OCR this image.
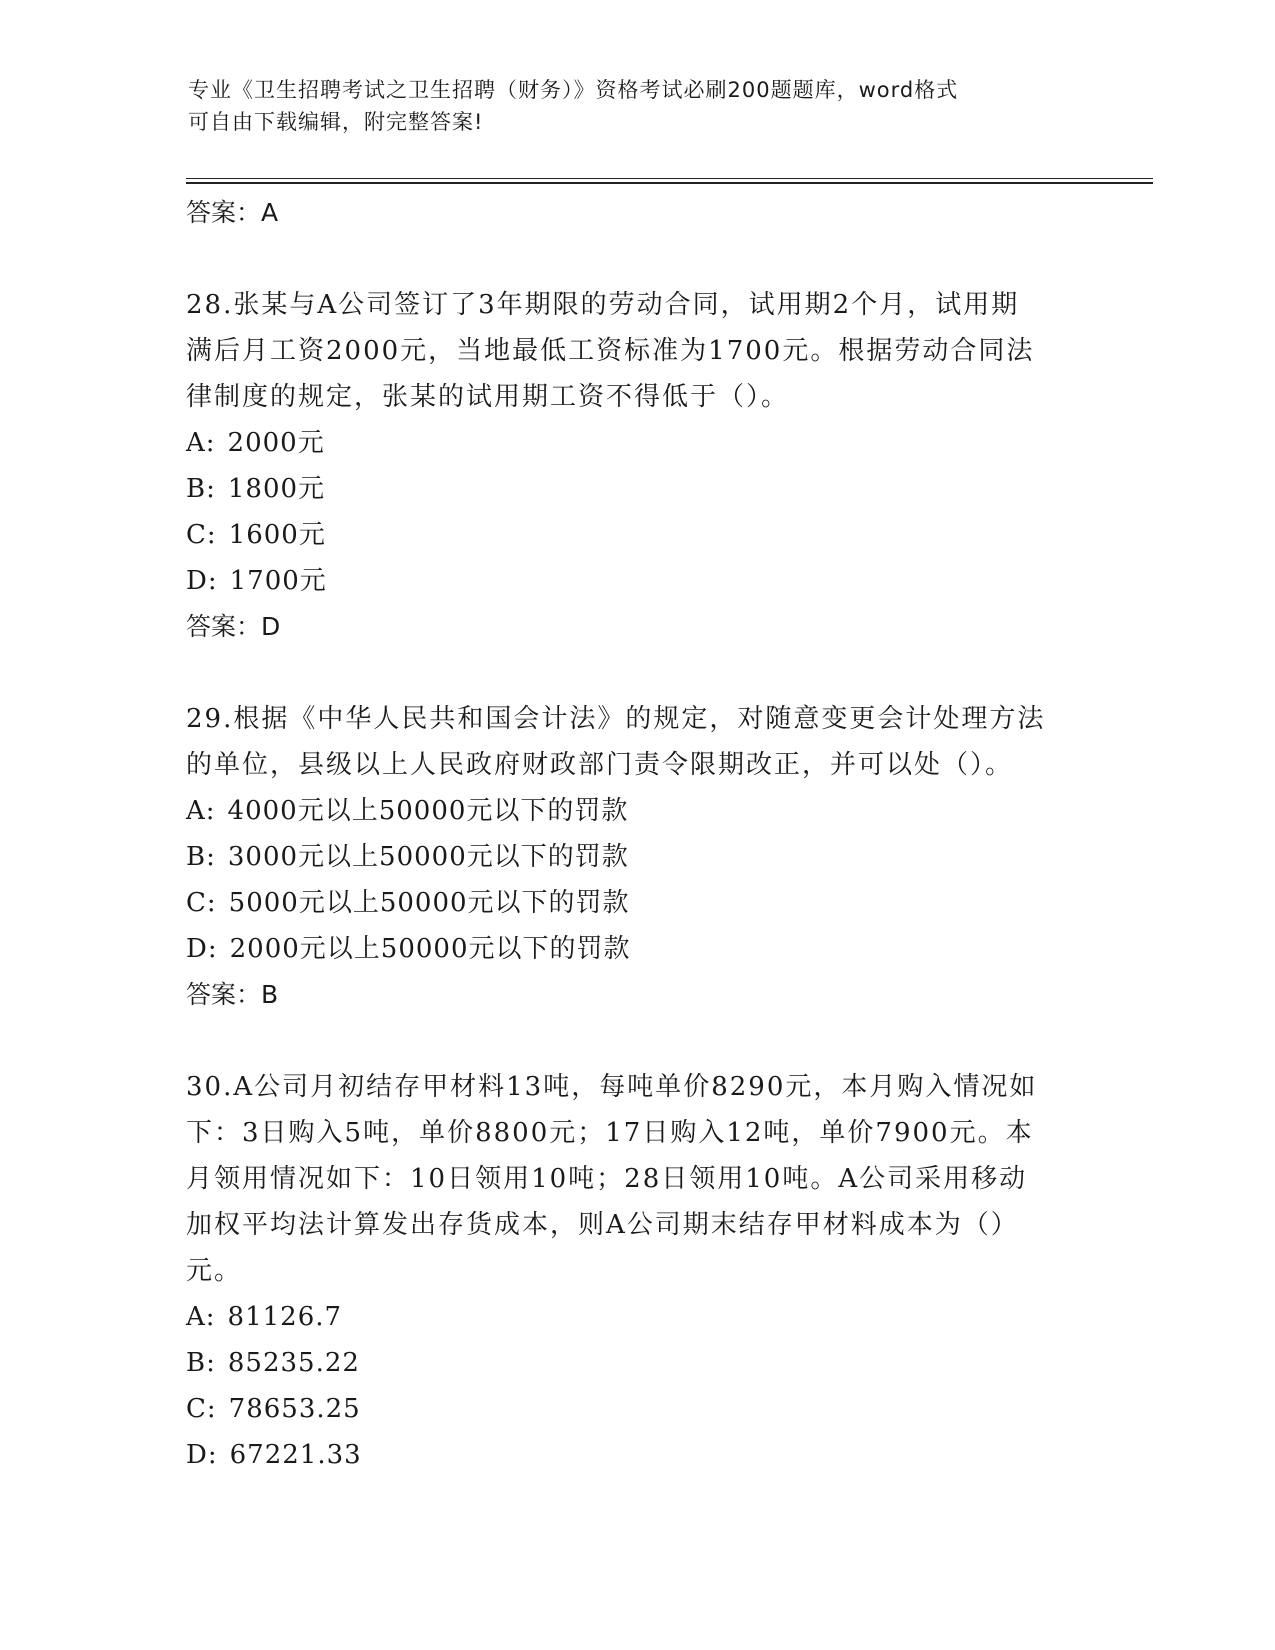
专业《卫生招聘考试之卫生招聘（财务）》资格考试必刷200题题库，word格式
可自由下载编辑，附完整答案!
答案：A
28.张某与A公司签订了3年期限的劳动合同，试用期2个月，试用期
满后月工资2000元，当地最低工资标准为1700元。根据劳动合同法
律制度的规定，张某的试用期工资不得低于（）。
A: 2000元
B: 1800元
C: 1600元
D: 1700元
答案：D
29.根据《中华人民共和国会计法》的规定，对随意变更会计处理方法
的单位，县级以上人民政府财政部门责令限期改正，并可以处（）。
A: 4000元以上50000元以下的罚款
B: 3000元以上50000元以下的罚款
C: 5000元以上50000元以下的罚款
D: 2000元以上50000元以下的罚款
答案：B
30.A公司月初结存甲材料13吨，每吨单价8290元，本月购入情况如
下：3日购入5吨，单价8800元；17日购入12吨，单价7900元。本
月领用情况如下：10日领用10吨；28日领用10吨。A公司采用移动
加权平均法计算发出存货成本，则A公司期末结存甲材料成本为（）
元。
A: 81126.7
B: 85235.22
C: 78653.25
D: 67221.33
